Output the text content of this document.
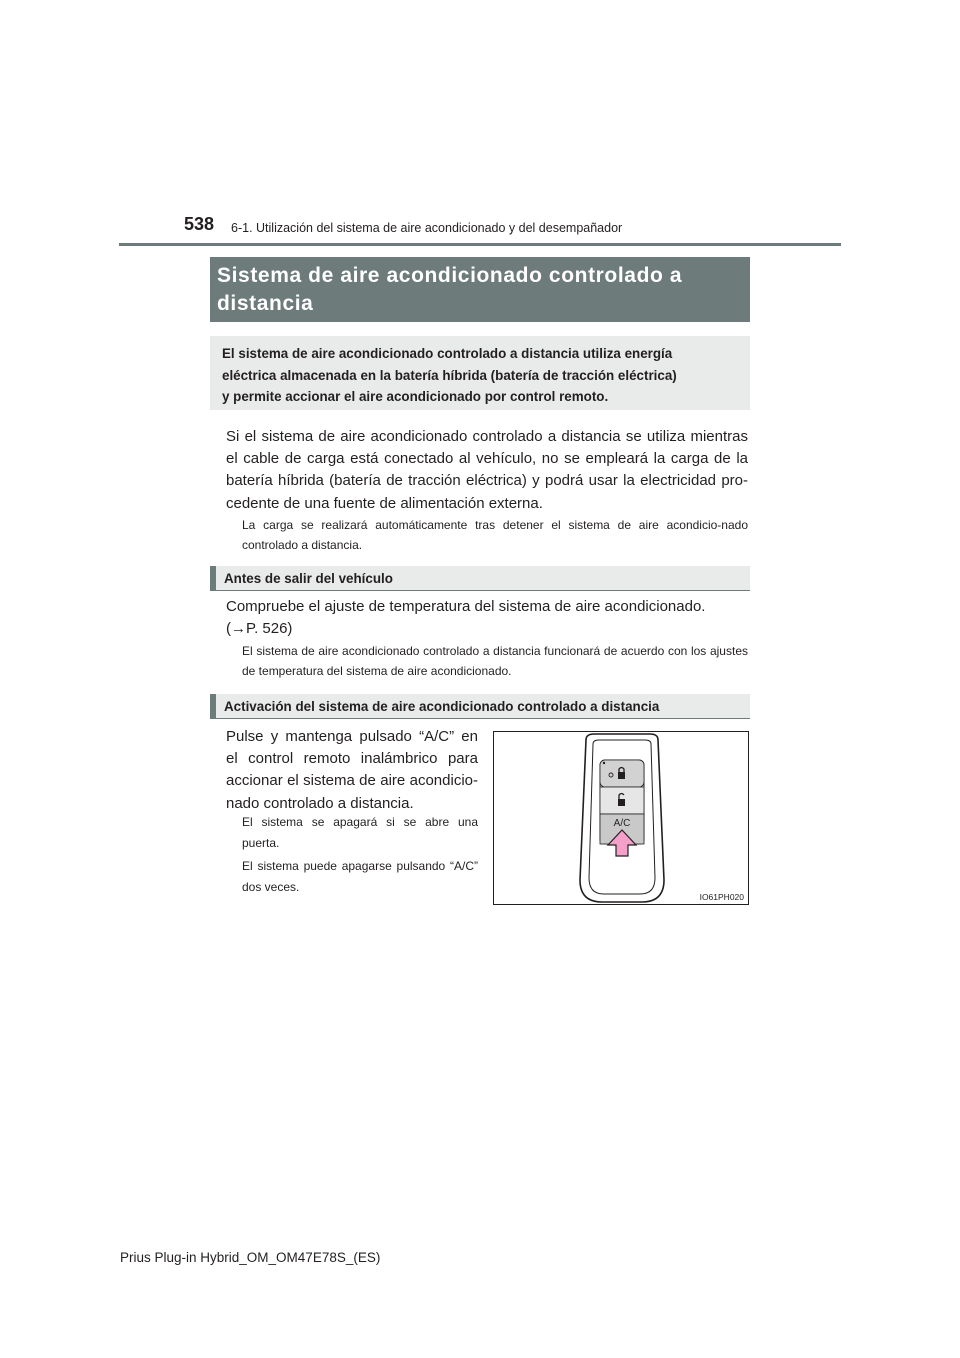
538 6-1. Utilización del sistema de aire acondicionado y del desempañador
Sistema de aire acondicionado controlado a
distancia
El sistema de aire acondicionado controlado a distancia utiliza energía
eléctrica almacenada en la batería híbrida (batería de tracción eléctrica)
y permite accionar el aire acondicionado por control remoto.
Si el sistema de aire acondicionado controlado a distancia se utiliza mientras el cable de carga está conectado al vehículo, no se empleará la carga de la batería híbrida (batería de tracción eléctrica) y podrá usar la electricidad pro-cedente de una fuente de alimentación externa.
La carga se realizará automáticamente tras detener el sistema de aire acondicio-nado controlado a distancia.
Antes de salir del vehículo
Compruebe el ajuste de temperatura del sistema de aire acondicionado.
(→P. 526)
El sistema de aire acondicionado controlado a distancia funcionará de acuerdo con los ajustes de temperatura del sistema de aire acondicionado.
Activación del sistema de aire acondicionado controlado a distancia
Pulse y mantenga pulsado “A/C” en el control remoto inalámbrico para accionar el sistema de aire acondicio-nado controlado a distancia.
El sistema se apagará si se abre una puerta.
El sistema puede apagarse pulsando “A/C” dos veces.
A/C
IO61PH020
Prius Plug-in Hybrid_OM_OM47E78S_(ES)
